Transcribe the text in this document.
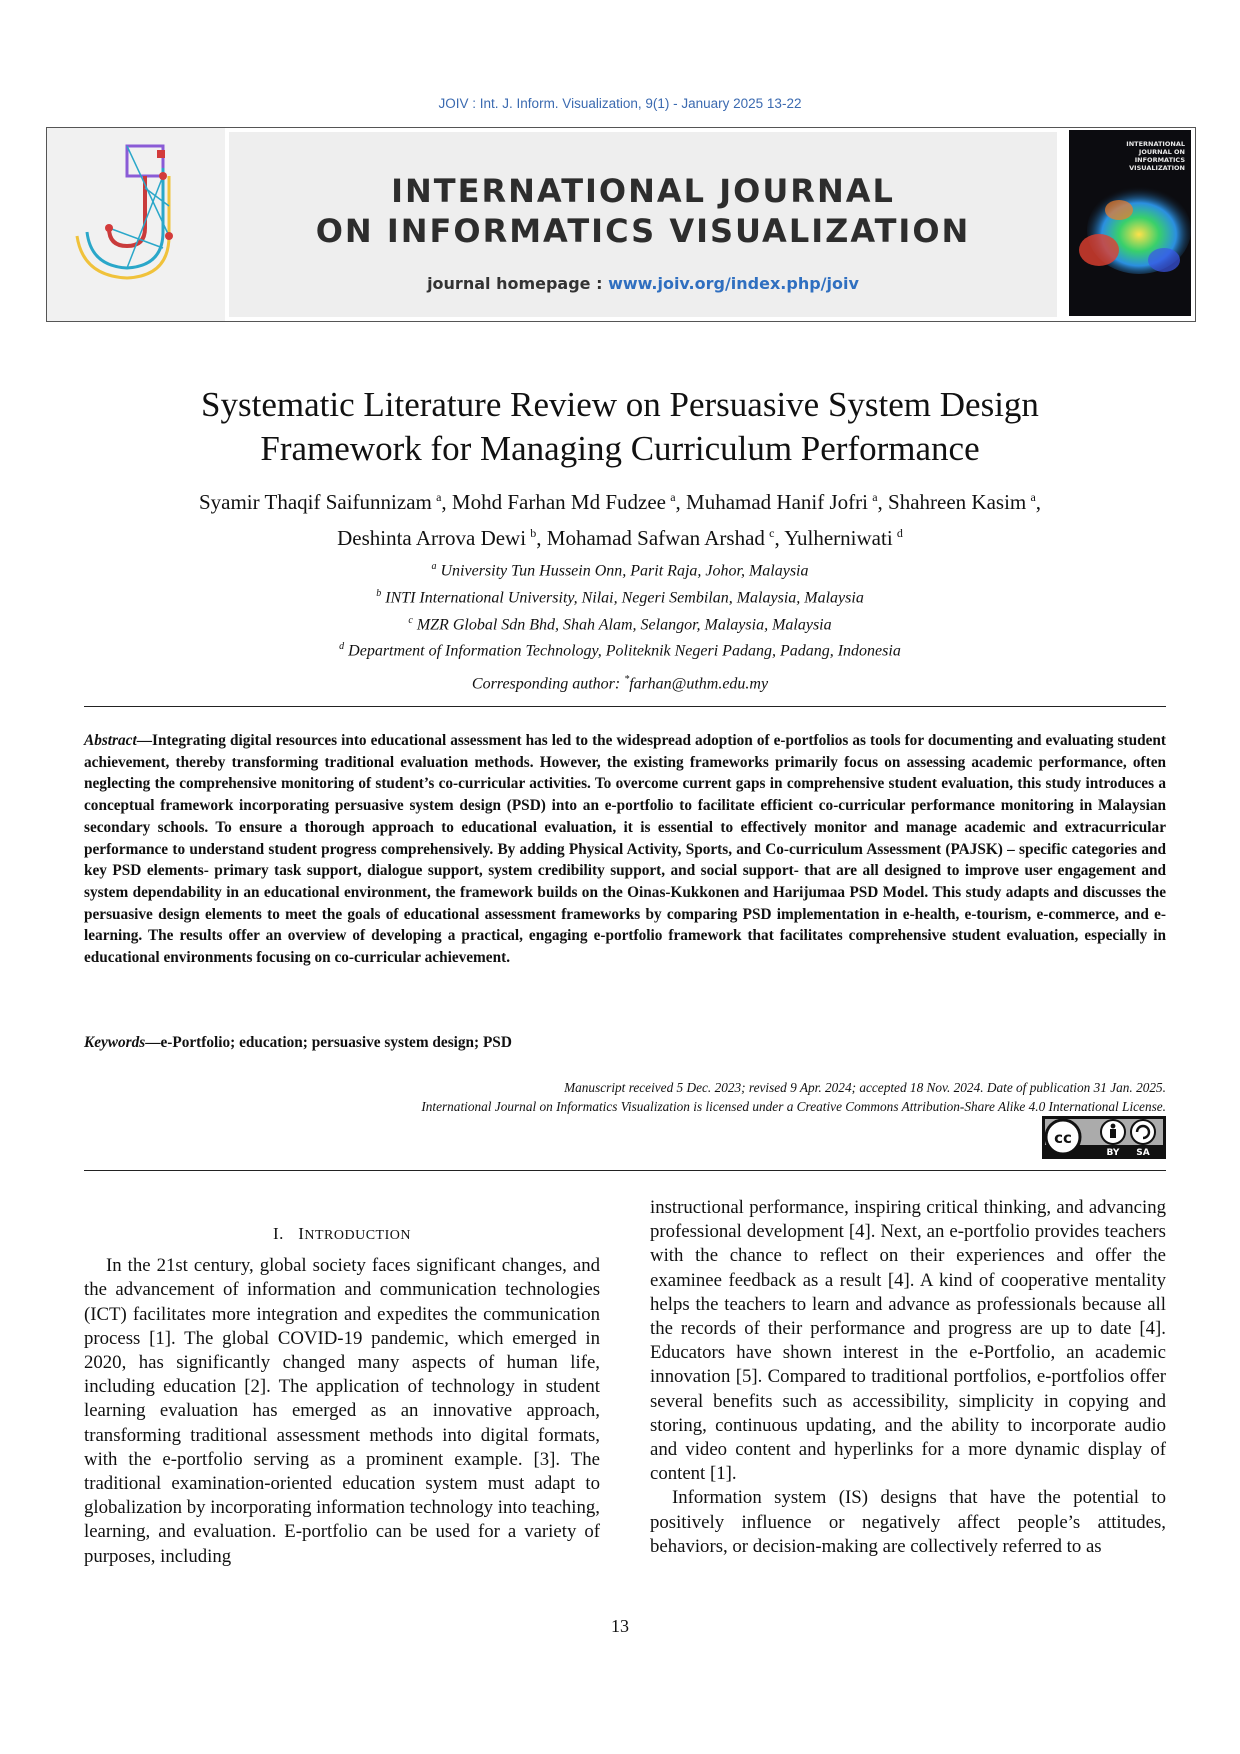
JOIV : Int. J. Inform. Visualization, 9(1) - January 2025 13-22
INTERNATIONAL JOURNAL
ON INFORMATICS VISUALIZATION
journal homepage : www.joiv.org/index.php/joiv
INTERNATIONAL JOURNAL ON INFORMATICS VISUALIZATION
Systematic Literature Review on Persuasive System Design
Framework for Managing Curriculum Performance
Syamir Thaqif Saifunnizam  $^a$, Mohd Farhan Md Fudzee  $^a$, Muhamad Hanif Jofri  $^a$, Shahreen Kasim  $^a$,
Deshinta Arrova Dewi  $^b$, Mohamad Safwan Arshad  $^c$, Yulherniwati  $^d$
$^a$ University Tun Hussein Onn, Parit Raja, Johor, Malaysia
$^b$ INTI International University, Nilai, Negeri Sembilan, Malaysia, Malaysia
$^c$ MZR Global Sdn Bhd, Shah Alam, Selangor, Malaysia, Malaysia
$^d$ Department of Information Technology, Politeknik Negeri Padang, Padang, Indonesia
Corresponding author: *farhan@uthm.edu.my
Abstract—Integrating digital resources into educational assessment has led to the widespread adoption of e-portfolios as tools for documenting and evaluating student achievement, thereby transforming traditional evaluation methods. However, the existing frameworks primarily focus on assessing academic performance, often neglecting the comprehensive monitoring of student’s co-curricular activities. To overcome current gaps in comprehensive student evaluation, this study introduces a conceptual framework incorporating persuasive system design (PSD) into an e-portfolio to facilitate efficient co-curricular performance monitoring in Malaysian secondary schools. To ensure a thorough approach to educational evaluation, it is essential to effectively monitor and manage academic and extracurricular performance to understand student progress comprehensively. By adding Physical Activity, Sports, and Co-curriculum Assessment (PAJSK) – specific categories and key PSD elements- primary task support, dialogue support, system credibility support, and social support- that are all designed to improve user engagement and system dependability in an educational environment, the framework builds on the Oinas-Kukkonen and Harijumaa PSD Model. This study adapts and discusses the persuasive design elements to meet the goals of educational assessment frameworks by comparing PSD implementation in e-health, e-tourism, e-commerce, and e-learning. The results offer an overview of developing a practical, engaging e-portfolio framework that facilitates comprehensive student evaluation, especially in educational environments focusing on co-curricular achievement.
Keywords—e-Portfolio; education; persuasive system design; PSD
Manuscript received 5 Dec. 2023; revised 9 Apr. 2024; accepted 18 Nov. 2024. Date of publication 31 Jan. 2025.
International Journal on Informatics Visualization is licensed under a Creative Commons Attribution-Share Alike 4.0 International License.
cc
BY SA
I. INTRODUCTION

In the 21st century, global society faces significant changes, and the advancement of information and communication technologies (ICT) facilitates more integration and expedites the communication process [1]. The global COVID-19 pandemic, which emerged in 2020, has significantly changed many aspects of human life, including education [2]. The application of technology in student learning evaluation has emerged as an innovative approach, transforming traditional assessment methods into digital formats, with the e-portfolio serving as a prominent example. [3]. The traditional examination-oriented education system must adapt to globalization by incorporating information technology into teaching, learning, and evaluation. E-portfolio can be used for a variety of purposes, including

instructional performance, inspiring critical thinking, and advancing professional development [4]. Next, an e-portfolio provides teachers with the chance to reflect on their experiences and offer the examinee feedback as a result [4]. A kind of cooperative mentality helps the teachers to learn and advance as professionals because all the records of their performance and progress are up to date [4]. Educators have shown interest in the e-Portfolio, an academic innovation [5]. Compared to traditional portfolios, e-portfolios offer several benefits such as accessibility, simplicity in copying and storing, continuous updating, and the ability to incorporate audio and video content and hyperlinks for a more dynamic display of content [1].

Information system (IS) designs that have the potential to positively influence or negatively affect people’s attitudes, behaviors, or decision-making are collectively referred to as

13
